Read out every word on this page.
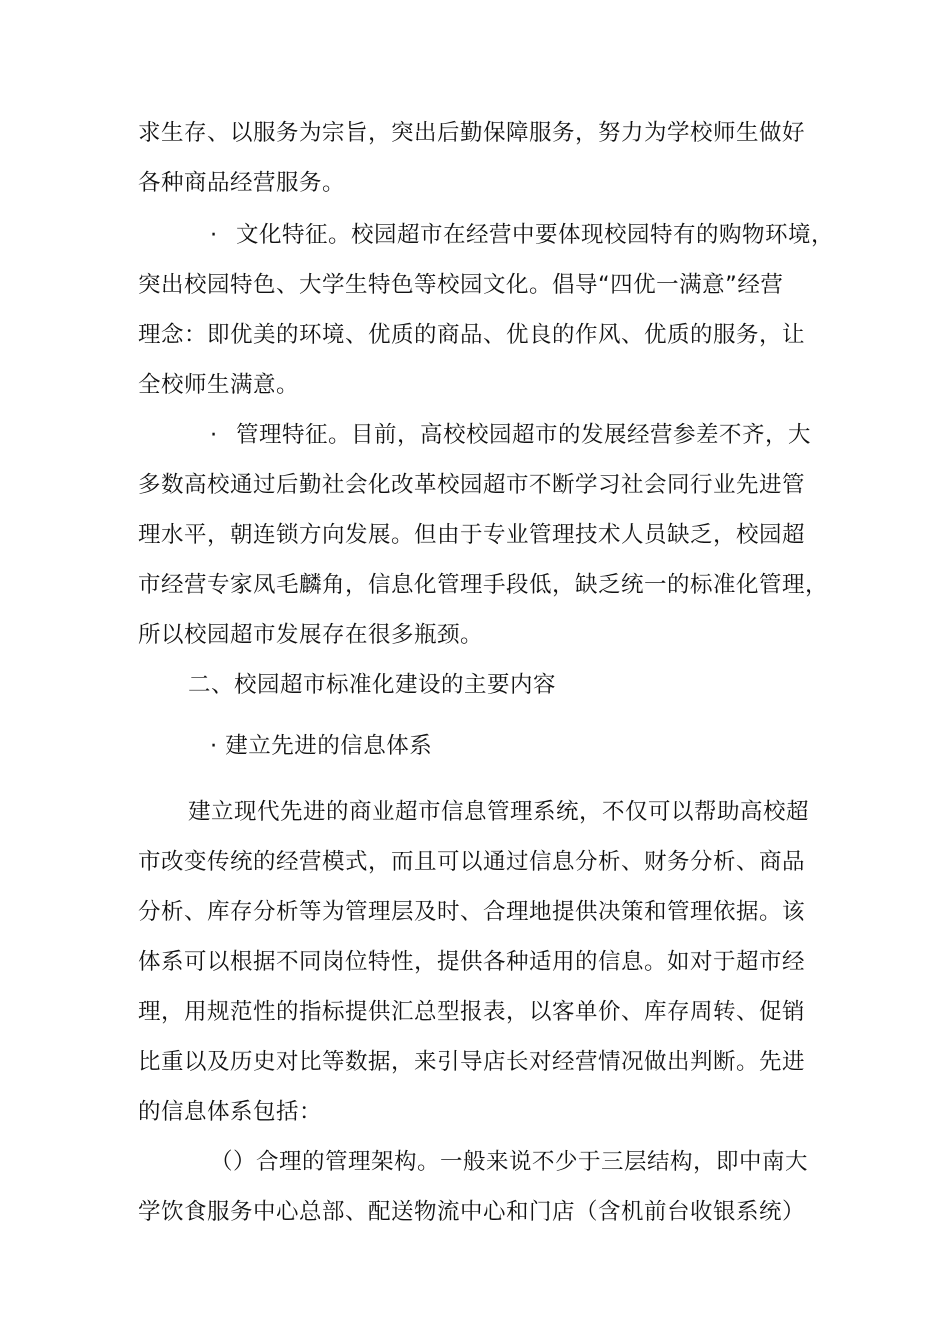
求生存、以服务为宗旨，突出后勤保障服务，努力为学校师生做好
各种商品经营服务。
· 文化特征。校园超市在经营中要体现校园特有的购物环境，
突出校园特色、大学生特色等校园文化。倡导“四优一满意”经营
理念：即优美的环境、优质的商品、优良的作风、优质的服务，让
全校师生满意。
· 管理特征。目前，高校校园超市的发展经营参差不齐，大
多数高校通过后勤社会化改革校园超市不断学习社会同行业先进管
理水平，朝连锁方向发展。但由于专业管理技术人员缺乏，校园超
市经营专家凤毛麟角，信息化管理手段低，缺乏统一的标准化管理，
所以校园超市发展存在很多瓶颈。
二、校园超市标准化建设的主要内容
· 建立先进的信息体系
建立现代先进的商业超市信息管理系统，不仅可以帮助高校超
市改变传统的经营模式，而且可以通过信息分析、财务分析、商品
分析、库存分析等为管理层及时、合理地提供决策和管理依据。该
体系可以根据不同岗位特性，提供各种适用的信息。如对于超市经
理，用规范性的指标提供汇总型报表，以客单价、库存周转、促销
比重以及历史对比等数据，来引导店长对经营情况做出判断。先进
的信息体系包括：
（）合理的管理架构。一般来说不少于三层结构，即中南大
学饮食服务中心总部、配送物流中心和门店（含机前台收银系统）
